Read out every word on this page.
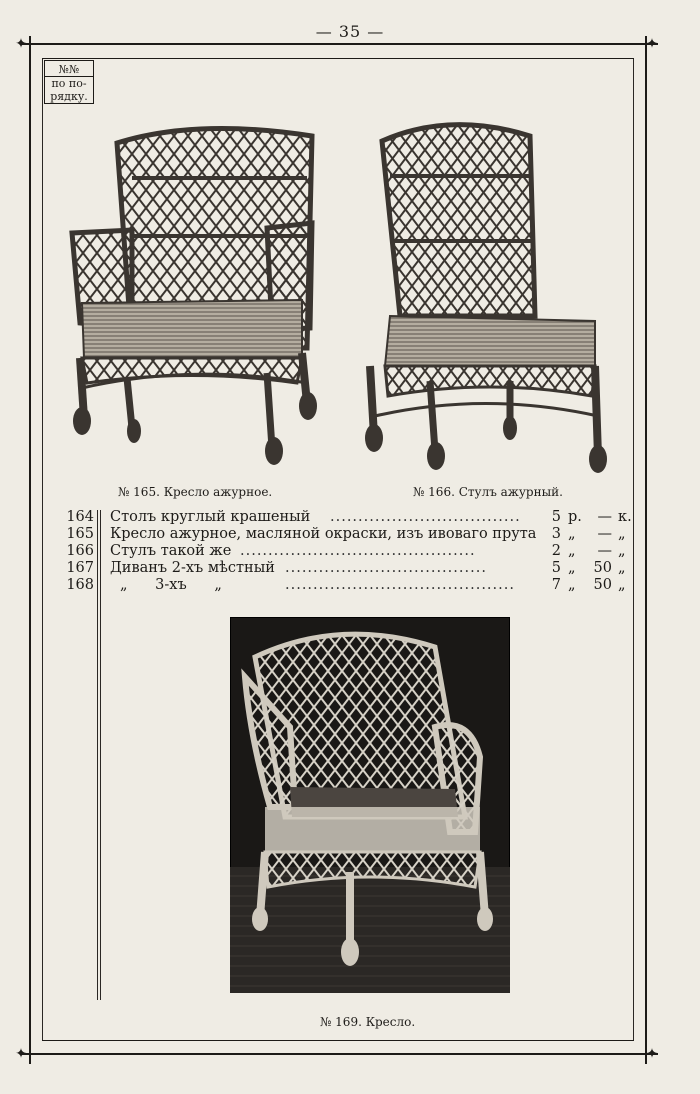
— 35 —
✦	✦
✦	✦
№№
по по-
рядку.
№ 165. Кресло ажурное.	№ 166. Стулъ ажурный.
164 Столъ круглый крашеный ..................................	5 р.	— к.
165 Кресло ажурное, масляной окраски, изъ ивоваго прута	3 „	— „
166 Стулъ такой же ..........................................	2 „	— „
167 Диванъ 2-хъ мѣстный ....................................	5 „ 50 „
168 „      3-хъ      „	.........................................	7 „ 50 „
№ 169. Кресло.
